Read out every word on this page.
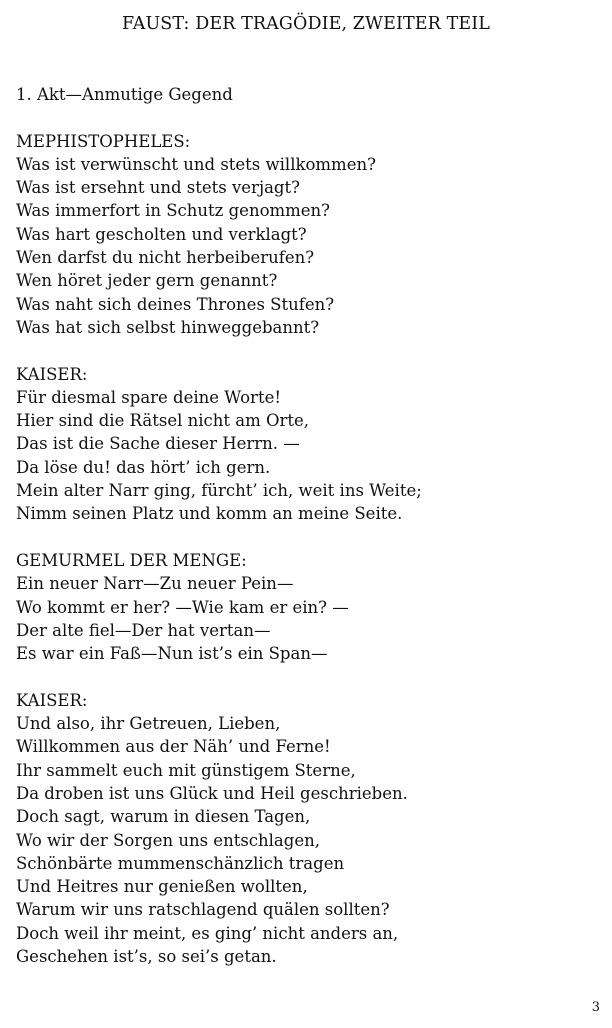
FAUST: DER TRAGÖDIE, ZWEITER TEIL
1. Akt—Anmutige Gegend
MEPHISTOPHELES:
Was ist verwünscht und stets willkommen?
Was ist ersehnt und stets verjagt?
Was immerfort in Schutz genommen?
Was hart gescholten und verklagt?
Wen darfst du nicht herbeiberufen?
Wen höret jeder gern genannt?
Was naht sich deines Thrones Stufen?
Was hat sich selbst hinweggebannt?
KAISER:
Für diesmal spare deine Worte!
Hier sind die Rätsel nicht am Orte,
Das ist die Sache dieser Herrn. —
Da löse du! das hört’ ich gern.
Mein alter Narr ging, fürcht’ ich, weit ins Weite;
Nimm seinen Platz und komm an meine Seite.
GEMURMEL DER MENGE:
Ein neuer Narr—Zu neuer Pein—
Wo kommt er her? —Wie kam er ein? —
Der alte fiel—Der hat vertan—
Es war ein Faß—Nun ist’s ein Span—
KAISER:
Und also, ihr Getreuen, Lieben,
Willkommen aus der Näh’ und Ferne!
Ihr sammelt euch mit günstigem Sterne,
Da droben ist uns Glück und Heil geschrieben.
Doch sagt, warum in diesen Tagen,
Wo wir der Sorgen uns entschlagen,
Schönbärte mummenschänzlich tragen
Und Heitres nur genießen wollten,
Warum wir uns ratschlagend quälen sollten?
Doch weil ihr meint, es ging’ nicht anders an,
Geschehen ist’s, so sei’s getan.
3
